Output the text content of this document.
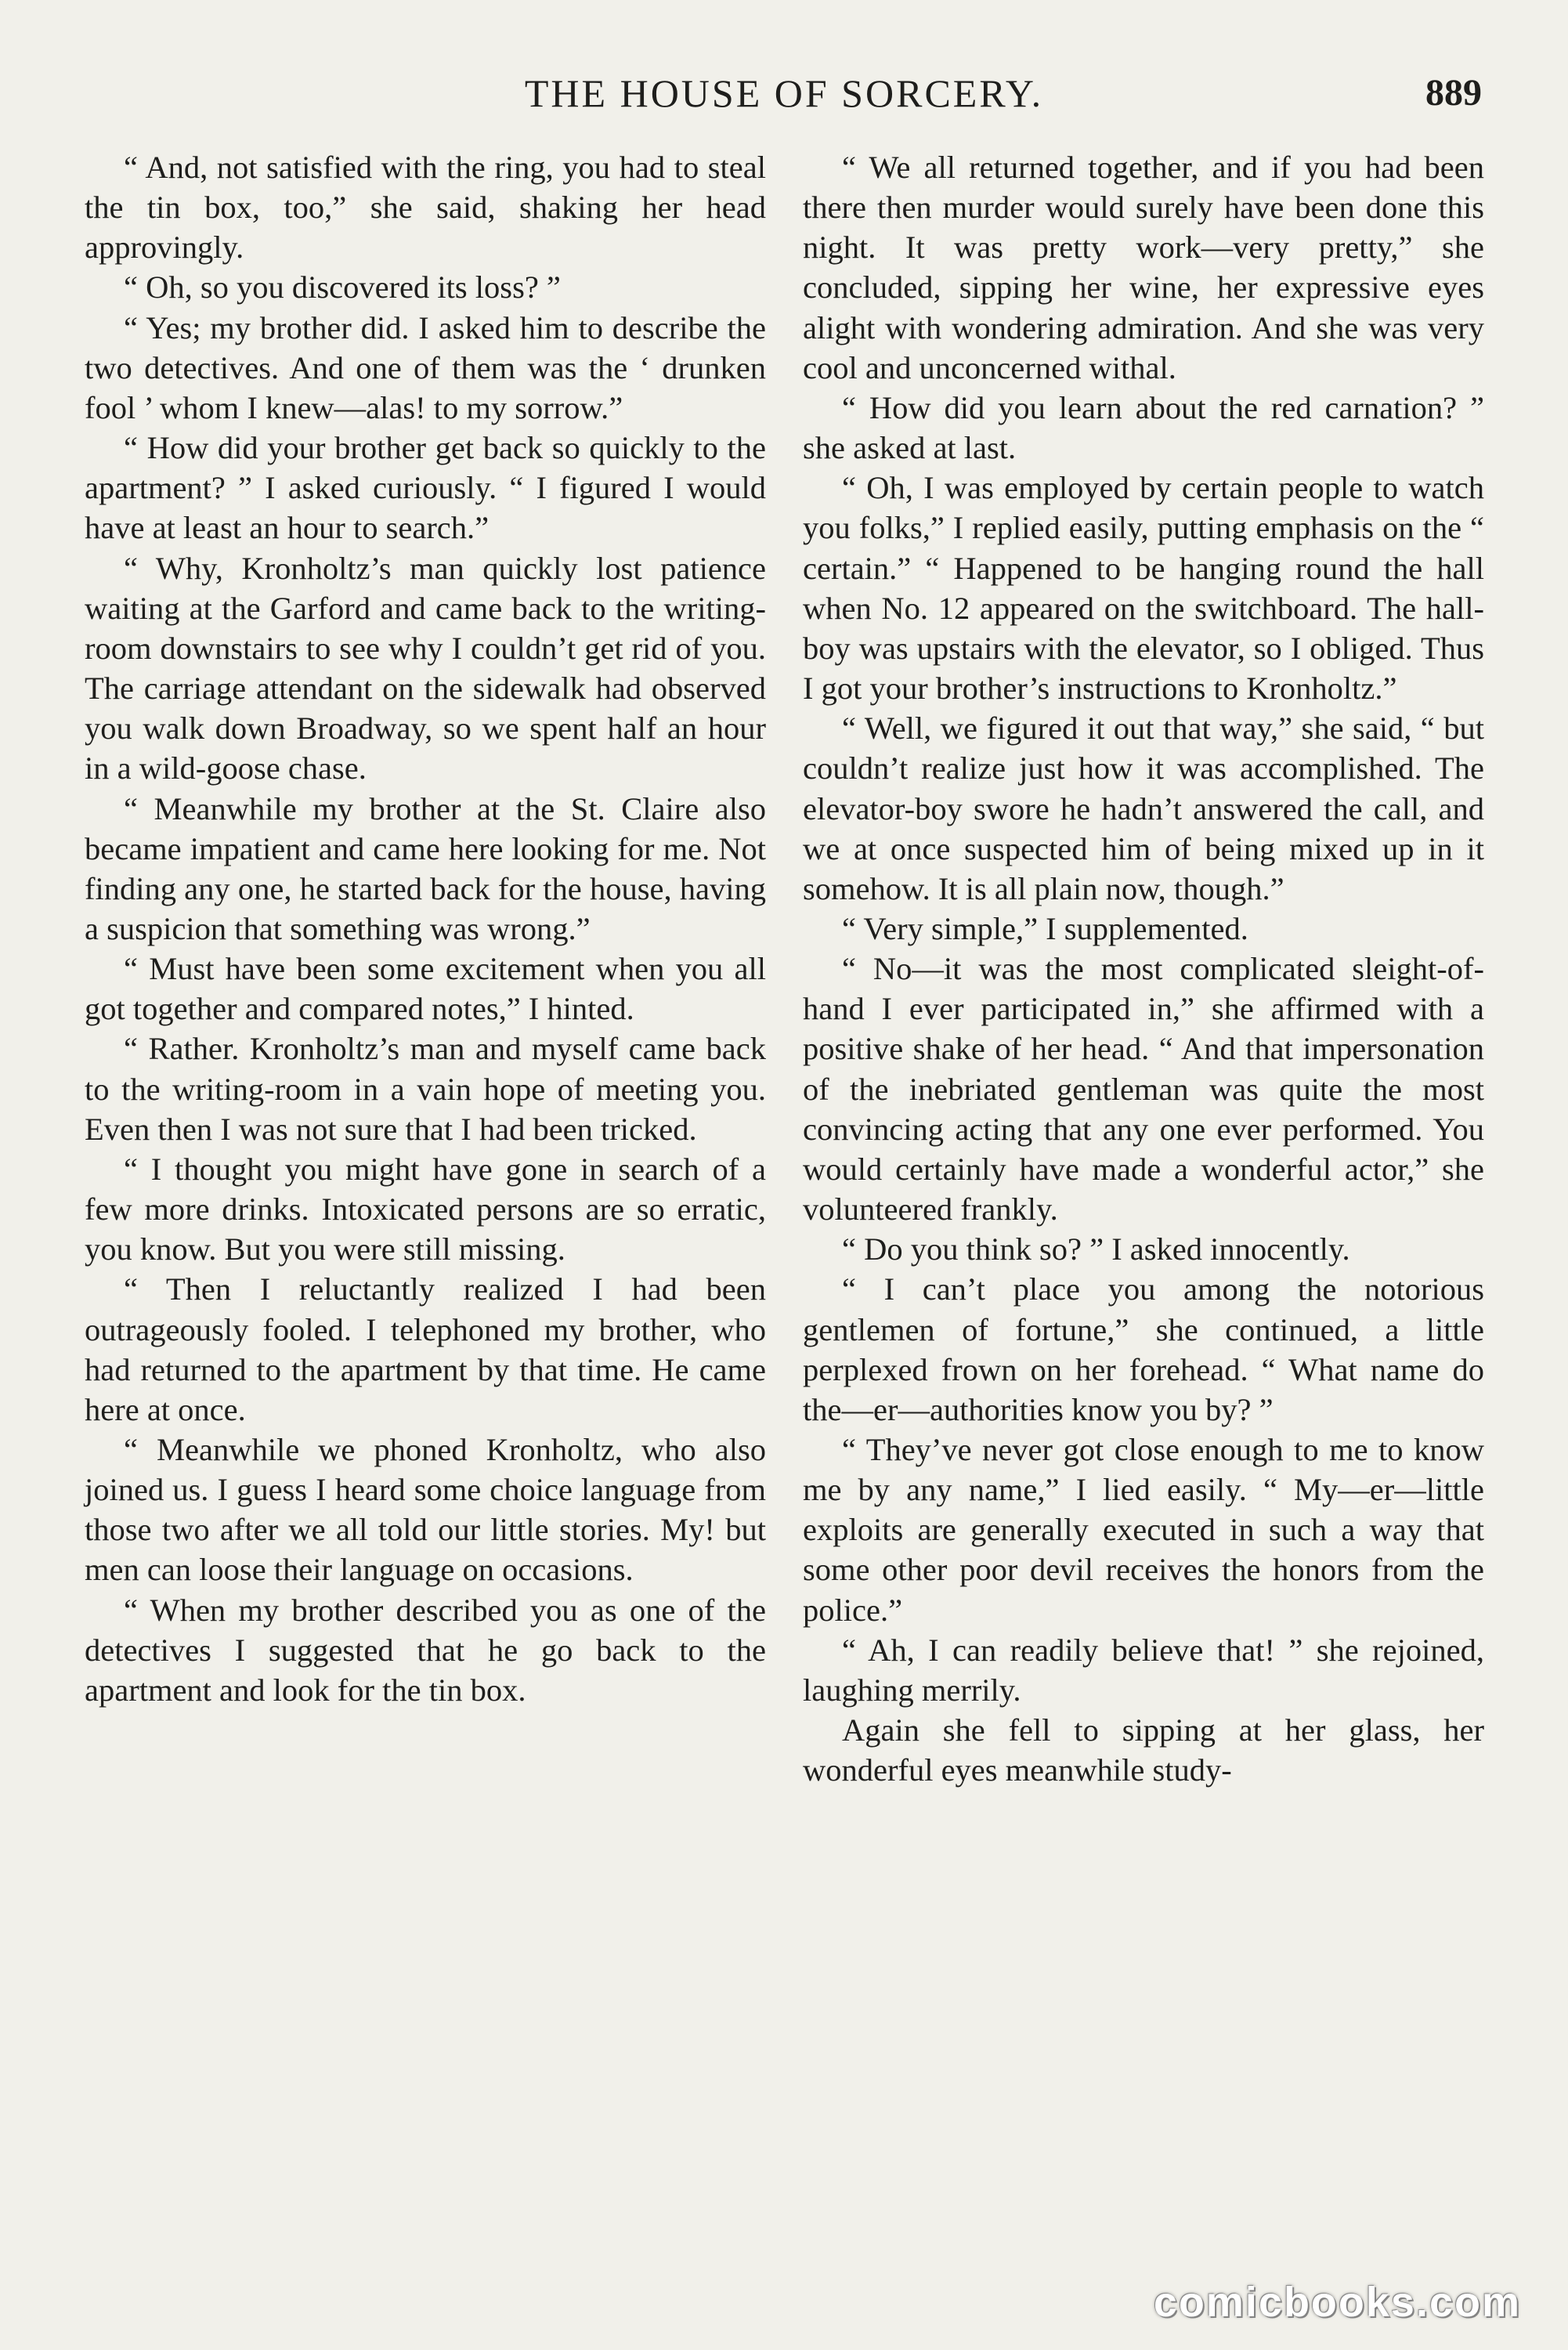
THE HOUSE OF SORCERY.	889

“ And, not satisfied with the ring, you had to steal the tin box, too,” she said, shaking her head approvingly.

“ Oh, so you discovered its loss? ”

“ Yes; my brother did. I asked him to describe the two detectives. And one of them was the ‘ drunken fool ’ whom I knew—alas! to my sorrow.”

“ How did your brother get back so quickly to the apartment? ” I asked curiously. “ I figured I would have at least an hour to search.”

“ Why, Kronholtz’s man quickly lost patience waiting at the Garford and came back to the writing-room downstairs to see why I couldn’t get rid of you. The carriage attendant on the sidewalk had observed you walk down Broadway, so we spent half an hour in a wild-goose chase.

“ Meanwhile my brother at the St. Claire also became impatient and came here looking for me. Not finding any one, he started back for the house, having a suspicion that something was wrong.”

“ Must have been some excitement when you all got together and compared notes,” I hinted.

“ Rather. Kronholtz’s man and myself came back to the writing-room in a vain hope of meeting you. Even then I was not sure that I had been tricked.

“ I thought you might have gone in search of a few more drinks. Intoxicated persons are so erratic, you know. But you were still missing.

“ Then I reluctantly realized I had been outrageously fooled. I telephoned my brother, who had returned to the apartment by that time. He came here at once.

“ Meanwhile we phoned Kronholtz, who also joined us. I guess I heard some choice language from those two after we all told our little stories. My! but men can loose their language on occasions.

“ When my brother described you as one of the detectives I suggested that he go back to the apartment and look for the tin box.

“ We all returned together, and if you had been there then murder would surely have been done this night. It was pretty work—very pretty,” she concluded, sipping her wine, her expressive eyes alight with wondering admiration. And she was very cool and unconcerned withal.

“ How did you learn about the red carnation? ” she asked at last.

“ Oh, I was employed by certain people to watch you folks,” I replied easily, putting emphasis on the “ certain.” “ Happened to be hanging round the hall when No. 12 appeared on the switchboard. The hall-boy was upstairs with the elevator, so I obliged. Thus I got your brother’s instructions to Kronholtz.”

“ Well, we figured it out that way,” she said, “ but couldn’t realize just how it was accomplished. The elevator-boy swore he hadn’t answered the call, and we at once suspected him of being mixed up in it somehow. It is all plain now, though.”

“ Very simple,” I supplemented.

“ No—it was the most complicated sleight-of-hand I ever participated in,” she affirmed with a positive shake of her head. “ And that impersonation of the inebriated gentleman was quite the most convincing acting that any one ever performed. You would certainly have made a wonderful actor,” she volunteered frankly.

“ Do you think so? ” I asked innocently.

“ I can’t place you among the notorious gentlemen of fortune,” she continued, a little perplexed frown on her forehead. “ What name do the—er—authorities know you by? ”

“ They’ve never got close enough to me to know me by any name,” I lied easily. “ My—er—little exploits are generally executed in such a way that some other poor devil receives the honors from the police.”

“ Ah, I can readily believe that! ” she rejoined, laughing merrily.

Again she fell to sipping at her glass, her wonderful eyes meanwhile study-

comicbooks.com
